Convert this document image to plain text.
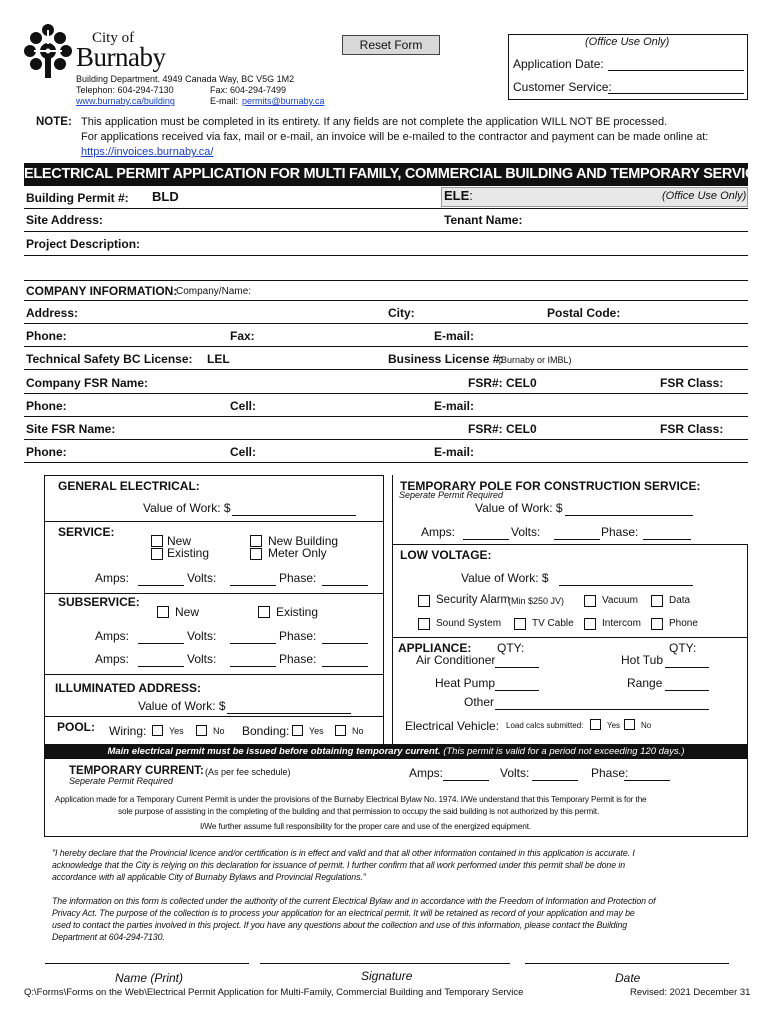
City of
Burnaby
Building Department. 4949 Canada Way, BC V5G 1M2
Telephon: 604-294-7130	Fax: 604-294-7499
www.burnaby.ca/building	E-mail: permits@burnaby.ca
Reset Form	(Office Use Only)
Application Date:
Customer Service:
NOTE: This application must be completed in its entirety. If any fields are not complete the application WILL NOT BE processed.
For applications received via fax, mail or e-mail, an invoice will be e-mailed to the contractor and payment can be made online at:
https://invoices.burnaby.ca/
ELECTRICAL PERMIT APPLICATION FOR MULTI FAMILY, COMMERCIAL BUILDING AND TEMPORARY SERVICE
Building Permit #: BLD	ELE:	(Office Use Only)
Site Address:	Tenant Name:
Project Description:
COMPANY INFORMATION:
Company/Name:
Address:	City:	Postal Code:
Phone:	Fax:	E-mail:
Technical Safety BC License: LEL	Business License #:
(Burnaby or IMBL)
Company FSR Name:	FSR#: CEL0	FSR Class:
Phone:	Cell:	E-mail:
Site FSR Name:	FSR#: CEL0	FSR Class:
Phone:	Cell:	E-mail:
GENERAL ELECTRICAL:
Value of Work: $
SERVICE:
New
Existing
New Building
Meter Only
Amps:	Volts:	Phase:
SUBSERVICE:
New	Existing
Amps:	Volts:	Phase:
Amps:	Volts:	Phase:
ILLUMINATED ADDRESS:
Value of Work: $
POOL: Wiring:	Yes	No Bonding: Yes	No
TEMPORARY POLE FOR CONSTRUCTION SERVICE:
Seperate Permit Required
Value of Work: $
Amps:	Volts:	Phase:
LOW VOLTAGE:
Value of Work: $
Security Alarm
(Min $250 JV)	Vacuum	Data
Sound System	TV Cable	Intercom	Phone
APPLIANCE: QTY:	QTY:
Air Conditioner	Hot Tub
Heat Pump	Range
Other
Electrical Vehicle: Load calcs submitted:	Yes	No
Main electrical permit must be issued before obtaining temporary current. (This permit is valid for a period not exceeding 120 days.)
TEMPORARY CURRENT: (As per fee schedule)
Seperate Permit Required
Amps:	Volts:	Phase:
Application made for a Temporary Current Permit is under the provisions of the Burnaby Electrical Bylaw No. 1974. I/We understand that this Temporary Permit is for the
sole purpose of assisting in the completing of the building and that permission to occupy the said building is not authorized by this permit.
I/We further assume full responsibility for the proper care and use of the energized equipment.
"I hereby declare that the Provincial licence and/or certification is in effect and valid and that all other information contained in this application is accurate. I
acknowledge that the City is relying on this declaration for issuance of permit. I further confirm that all work performed under this permit shall be done in
accordance with all applicable City of Burnaby Bylaws and Provincial Regulations."
The information on this form is collected under the authority of the current Electrical Bylaw and in accordance with the Freedom of Information and Protection of
Privacy Act. The purpose of the collection is to process your application for an electrical permit. It will be retained as record of your application and may be
used to contact the parties involved in this project. If you have any questions about the collection and use of this information, please contact the Building
Department at 604-294-7130.
Name (Print)	Signature	Date
Q:\Forms\Forms on the Web\Electrical Permit Application for Multi-Family, Commercial Building and Temporary Service	Revised: 2021 December 31
